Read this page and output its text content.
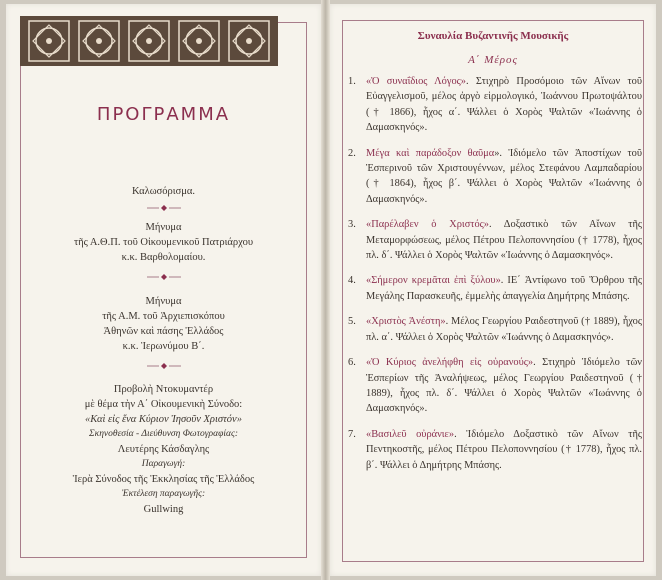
ΠΡΟΓΡΑΜΜΑ
Καλωσόρισμα.
Μήνυμα
τῆς Α.Θ.Π. τοῦ Οἰκουμενικοῦ Πατριάρχου
κ.κ. Βαρθολομαίου.
Μήνυμα
τῆς Α.Μ. τοῦ Ἀρχιεπισκόπου
Ἀθηνῶν καὶ πάσης Ἑλλάδος
κ.κ. Ἱερωνύμου Β΄.
Προβολὴ Ντοκυμαντέρ
μὲ θέμα τὴν Α΄ Οἰκουμενικὴ Σύνοδο:
«Καὶ εἰς ἕνα Κύριον Ἰησοῦν Χριστόν»
Σκηνοθεσία - Διεύθυνση Φωτογραφίας:
Λευτέρης Κάσδαγλης
Παραγωγή:
Ἱερὰ Σύνοδος τῆς Ἐκκλησίας τῆς Ἑλλάδος
Ἐκτέλεση παραγωγῆς:
Gullwing
Συναυλία Βυζαντινῆς Μουσικῆς
Α΄ Μέρος
1. «Ὁ συναΐδιος Λόγος». Στιχηρὸ Προσόμοιο τῶν Αἴνων τοῦ Εὐαγγελισμοῦ, μέλος ἀργὸ εἱρμολογικό, Ἰωάννου Πρωτοψάλτου († 1866), ἦχος α΄. Ψάλλει ὁ Χορὸς Ψαλτῶν «Ἰωάννης ὁ Δαμασκηνός».
2. Μέγα καὶ παράδοξον θαῦμα». Ἰδιόμελο τῶν Ἀποστίχων τοῦ Ἑσπερινοῦ τῶν Χριστουγέννων, μέλος Στεφάνου Λαμπαδαρίου († 1864), ἦχος β΄. Ψάλλει ὁ Χορὸς Ψαλτῶν «Ἰωάννης ὁ Δαμασκηνός».
3. «Παρέλαβεν ὁ Χριστός». Δοξαστικὸ τῶν Αἴνων τῆς Μεταμορφώσεως, μέλος Πέτρου Πελοποννησίου († 1778), ἦχος πλ. δ΄. Ψάλλει ὁ Χορὸς Ψαλτῶν «Ἰωάννης ὁ Δαμασκηνός».
4. «Σήμερον κρεμᾶται ἐπὶ ξύλου». ΙΕ΄ Ἀντίφωνο τοῦ Ὄρθρου τῆς Μεγάλης Παρασκευῆς, ἐμμελὴς ἀπαγγελία Δημήτρης Μπάσης.
5. «Χριστὸς Ἀνέστη». Μέλος Γεωργίου Ραιδεστηνοῦ († 1889), ἦχος πλ. α΄. Ψάλλει ὁ Χορὸς Ψαλτῶν «Ἰωάννης ὁ Δαμασκηνός».
6. «Ὁ Κύριος ἀνελήφθη εἰς οὐρανούς». Στιχηρὸ Ἰδιόμελο τῶν Ἑσπερίων τῆς Ἀναλήψεως, μέλος Γεωργίου Ραιδεστηνοῦ († 1889), ἦχος πλ. δ΄. Ψάλλει ὁ Χορὸς Ψαλτῶν «Ἰωάννης ὁ Δαμασκηνός».
7. «Βασιλεῦ οὐράνιε». Ἰδιόμελο Δοξαστικὸ τῶν Αἴνων τῆς Πεντηκοστῆς, μέλος Πέτρου Πελοποννησίου († 1778), ἦχος πλ. β΄. Ψάλλει ὁ Δημήτρης Μπάσης.
